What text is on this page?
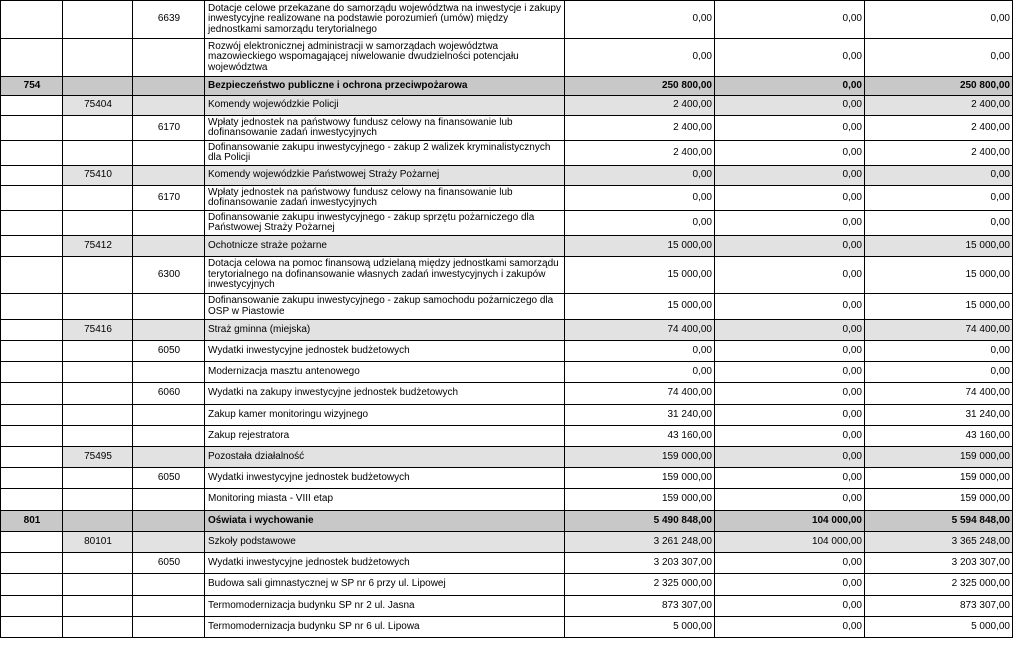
		6639	Dotacje celowe przekazane do samorządu województwa na inwestycje i zakupy inwestycyjne realizowane na podstawie porozumień (umów) między jednostkami samorządu terytorialnego	0,00	0,00	0,00
			Rozwój elektronicznej administracji w samorządach województwa mazowieckiego wspomagającej niwelowanie dwudzielności potencjału województwa	0,00	0,00	0,00
754			Bezpieczeństwo publiczne i ochrona przeciwpożarowa	250 800,00	0,00	250 800,00
	75404		Komendy wojewódzkie Policji	2 400,00	0,00	2 400,00
		6170	Wpłaty jednostek na państwowy fundusz celowy na finansowanie lub dofinansowanie zadań inwestycyjnych	2 400,00	0,00	2 400,00
			Dofinansowanie zakupu inwestycyjnego - zakup 2 walizek kryminalistycznych dla Policji	2 400,00	0,00	2 400,00
	75410		Komendy wojewódzkie Państwowej Straży Pożarnej	0,00	0,00	0,00
		6170	Wpłaty jednostek na państwowy fundusz celowy na finansowanie lub dofinansowanie zadań inwestycyjnych	0,00	0,00	0,00
			Dofinansowanie zakupu inwestycyjnego - zakup sprzętu pożarniczego dla Państwowej Straży Pożarnej	0,00	0,00	0,00
	75412		Ochotnicze straże pożarne	15 000,00	0,00	15 000,00
		6300	Dotacja celowa na pomoc finansową udzielaną między jednostkami samorządu terytorialnego na dofinansowanie własnych zadań inwestycyjnych i zakupów inwestycyjnych	15 000,00	0,00	15 000,00
			Dofinansowanie zakupu inwestycyjnego - zakup samochodu pożarniczego dla OSP w Piastowie	15 000,00	0,00	15 000,00
	75416		Straż gminna (miejska)	74 400,00	0,00	74 400,00
		6050	Wydatki inwestycyjne jednostek budżetowych	0,00	0,00	0,00
			Modernizacja masztu antenowego	0,00	0,00	0,00
		6060	Wydatki na zakupy inwestycyjne jednostek budżetowych	74 400,00	0,00	74 400,00
			Zakup kamer monitoringu wizyjnego	31 240,00	0,00	31 240,00
			Zakup rejestratora	43 160,00	0,00	43 160,00
	75495		Pozostała działalność	159 000,00	0,00	159 000,00
		6050	Wydatki inwestycyjne jednostek budżetowych	159 000,00	0,00	159 000,00
			Monitoring miasta - VIII etap	159 000,00	0,00	159 000,00
801			Oświata i wychowanie	5 490 848,00	104 000,00	5 594 848,00
	80101		Szkoły podstawowe	3 261 248,00	104 000,00	3 365 248,00
		6050	Wydatki inwestycyjne jednostek budżetowych	3 203 307,00	0,00	3 203 307,00
			Budowa sali gimnastycznej w SP nr 6 przy ul. Lipowej	2 325 000,00	0,00	2 325 000,00
			Termomodernizacja budynku SP nr 2 ul. Jasna	873 307,00	0,00	873 307,00
			Termomodernizacja budynku SP nr 6 ul. Lipowa	5 000,00	0,00	5 000,00
